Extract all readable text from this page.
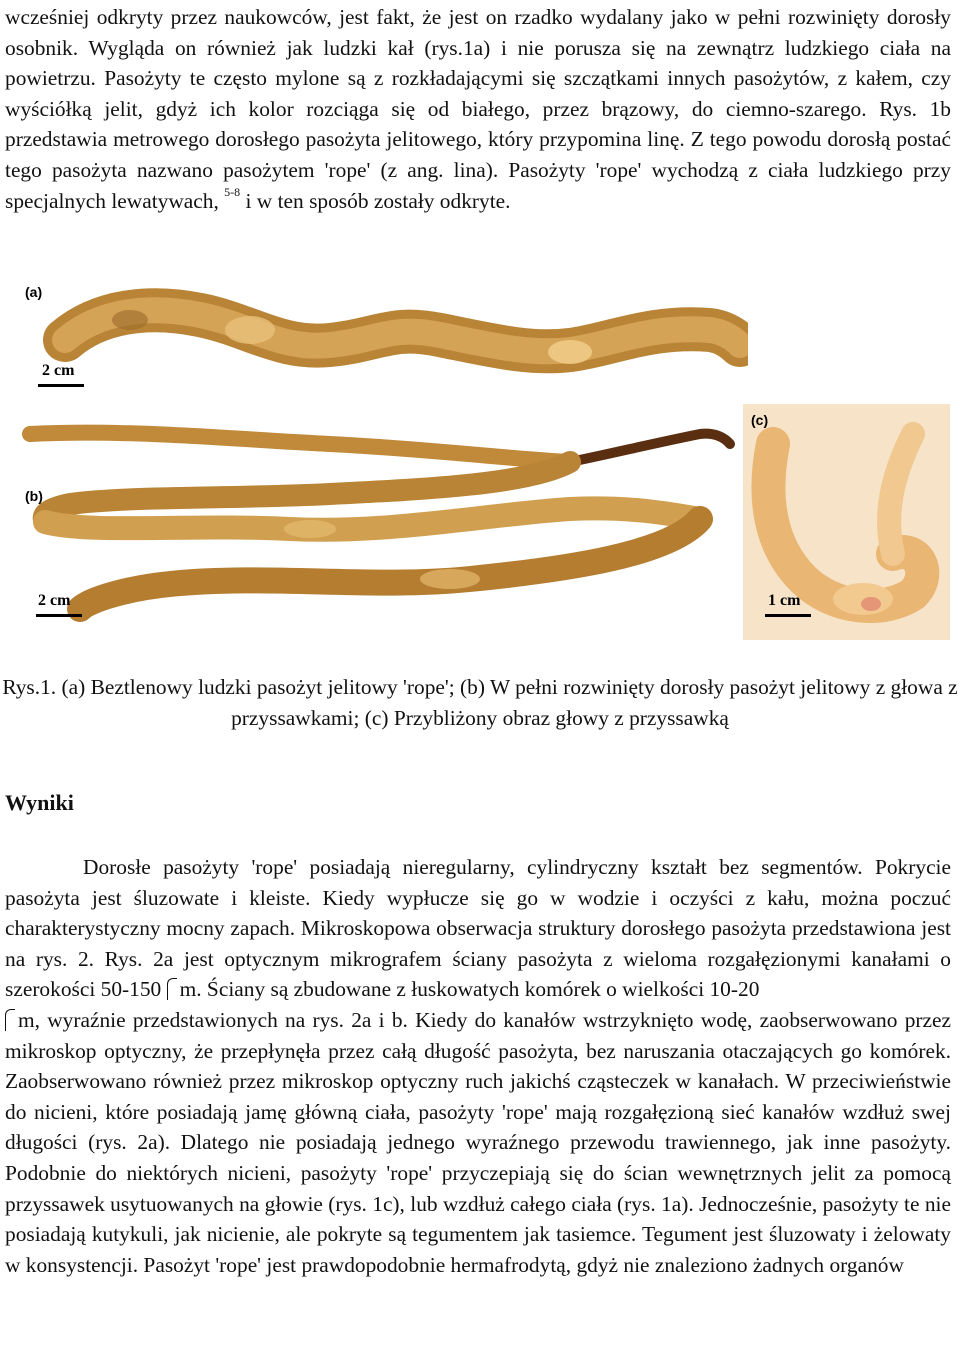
wcześniej odkryty przez naukowców, jest fakt, że jest on rzadko wydalany jako w pełni rozwinięty dorosły osobnik. Wygląda on również jak ludzki kał (rys.1a) i nie porusza się na zewnątrz ludzkiego ciała na powietrzu. Pasożyty te często mylone są z rozkładającymi się szczątkami innych pasożytów, z kałem, czy wyściółką jelit, gdyż ich kolor rozciąga się od białego, przez brązowy, do ciemno-szarego. Rys. 1b przedstawia metrowego dorosłego pasożyta jelitowego, który przypomina linę. Z tego powodu dorosłą postać tego pasożyta nazwano pasożytem 'rope' (z ang. lina). Pasożyty 'rope' wychodzą z ciała ludzkiego przy specjalnych lewatywach, $^{5-8}$ i w ten sposób zostały odkryte.
(a)
2 cm
(b)
2 cm
(c)
1 cm
Rys.1. (a) Beztlenowy ludzki pasożyt jelitowy 'rope'; (b) W pełni rozwinięty dorosły pasożyt jelitowy z głowa z przyssawkami; (c) Przybliżony obraz głowy z przyssawką
Wyniki
Dorosłe pasożyty 'rope' posiadają nieregularny, cylindryczny kształt bez segmentów. Pokrycie pasożyta jest śluzowate i kleiste. Kiedy wypłucze się go w wodzie i oczyści z kału, można poczuć charakterystyczny mocny zapach. Mikroskopowa obserwacja struktury dorosłego pasożyta przedstawiona jest na rys. 2. Rys. 2a jest optycznym mikrografem ściany pasożyta z wieloma rozgałęzionymi kanałami o szerokości 50-150 m. Ściany są zbudowane z łuskowatych komórek o wielkości 10-20
m, wyraźnie przedstawionych na rys. 2a i b. Kiedy do kanałów wstrzyknięto wodę, zaobserwowano przez mikroskop optyczny, że przepłynęła przez całą długość pasożyta, bez naruszania otaczających go komórek. Zaobserwowano również przez mikroskop optyczny ruch jakichś cząsteczek w kanałach. W przeciwieństwie do nicieni, które posiadają jamę główną ciała, pasożyty 'rope' mają rozgałęzioną sieć kanałów wzdłuż swej długości (rys. 2a). Dlatego nie posiadają jednego wyraźnego przewodu trawiennego, jak inne pasożyty. Podobnie do niektórych nicieni, pasożyty 'rope' przyczepiają się do ścian wewnętrznych jelit za pomocą przyssawek usytuowanych na głowie (rys. 1c), lub wzdłuż całego ciała (rys. 1a). Jednocześnie, pasożyty te nie posiadają kutykuli, jak nicienie, ale pokryte są tegumentem jak tasiemce. Tegument jest śluzowaty i żelowaty w konsystencji. Pasożyt 'rope' jest prawdopodobnie hermafrodytą, gdyż nie znaleziono żadnych organów
